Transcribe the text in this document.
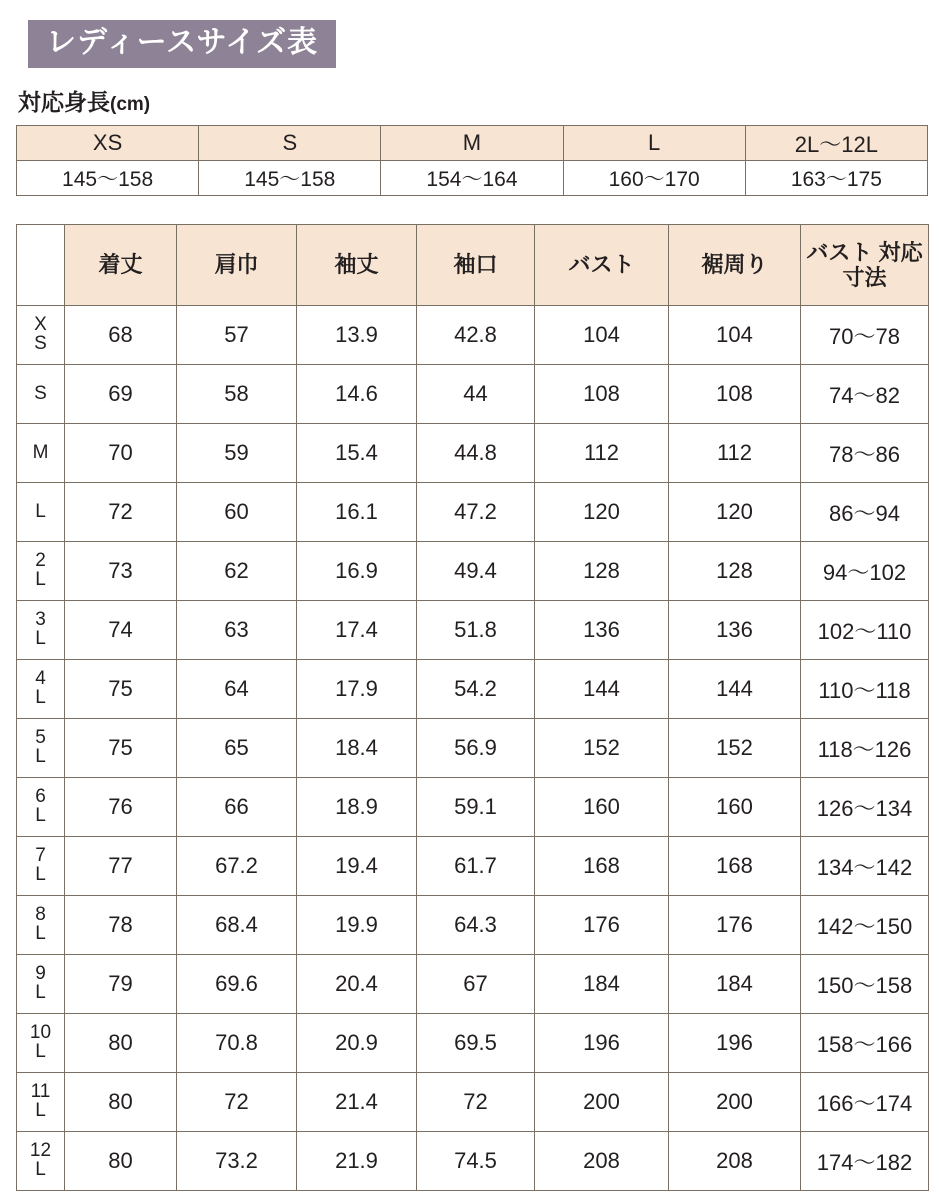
レディースサイズ表
対応身長(cm)
XS	S	M	L	2L〜12L
145〜158	145〜158	154〜164	160〜170	163〜175
	着丈	肩巾	袖丈	袖口	バスト	裾周り	バスト 対応寸法

X
S	68	57	13.9	42.8	104	104	70〜78

S	69	58	14.6	44	108	108	74〜82

M	70	59	15.4	44.8	112	112	78〜86

L	72	60	16.1	47.2	120	120	86〜94

2
L	73	62	16.9	49.4	128	128	94〜102

3
L	74	63	17.4	51.8	136	136	102〜110

4
L	75	64	17.9	54.2	144	144	110〜118

5
L	75	65	18.4	56.9	152	152	118〜126

6
L	76	66	18.9	59.1	160	160	126〜134

7
L	77	67.2	19.4	61.7	168	168	134〜142

8
L	78	68.4	19.9	64.3	176	176	142〜150

9
L	79	69.6	20.4	67	184	184	150〜158

10
L	80	70.8	20.9	69.5	196	196	158〜166

11
L	80	72	21.4	72	200	200	166〜174

12
L	80	73.2	21.9	74.5	208	208	174〜182
